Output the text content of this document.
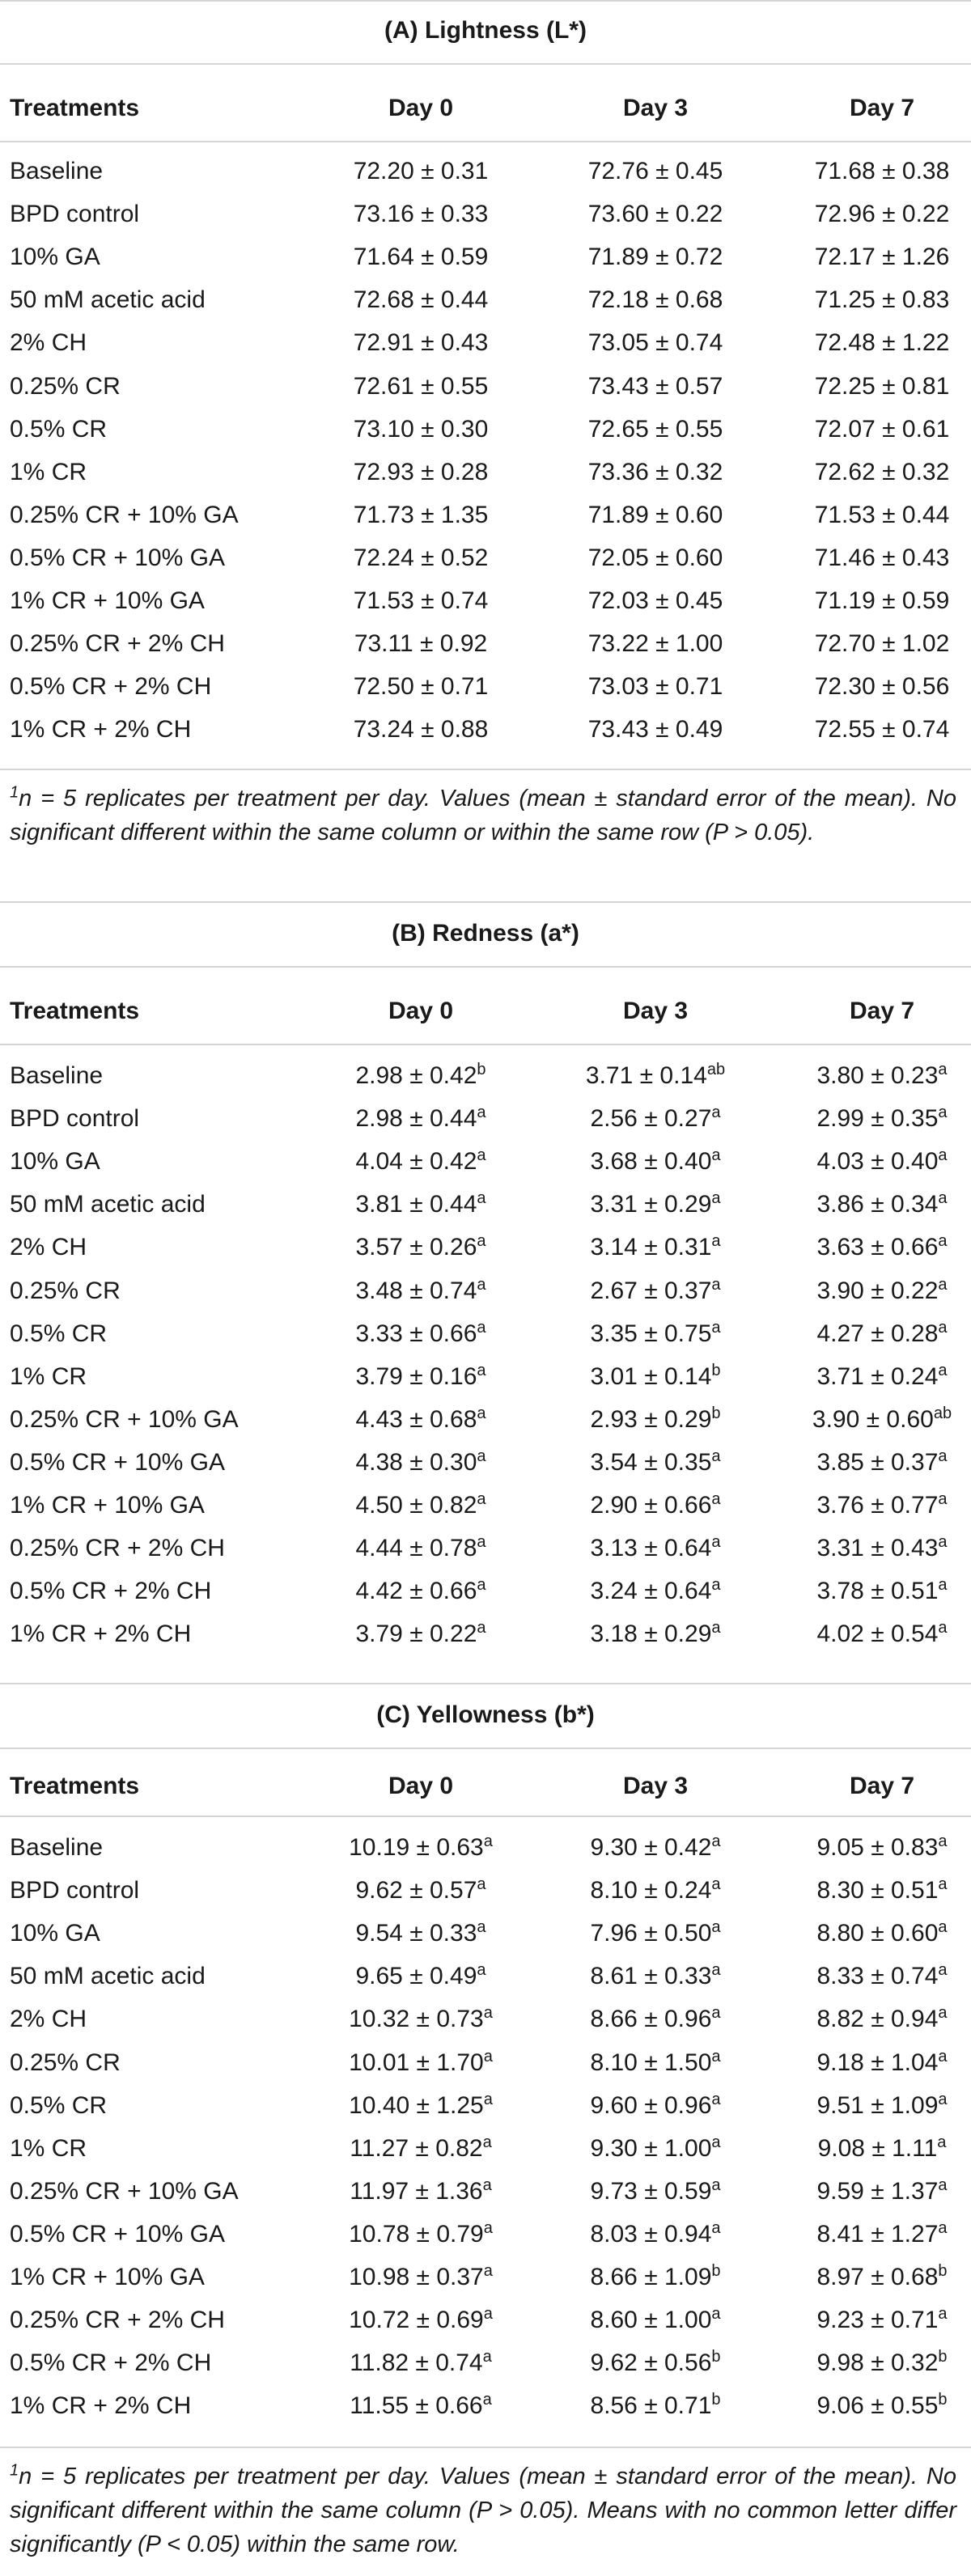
(A) Lightness (L*)
Treatments	Day 0	Day 3	Day 7
Baseline	72.20 ± 0.31	72.76 ± 0.45	71.68 ± 0.38
BPD control	73.16 ± 0.33	73.60 ± 0.22	72.96 ± 0.22
10% GA	71.64 ± 0.59	71.89 ± 0.72	72.17 ± 1.26
50 mM acetic acid	72.68 ± 0.44	72.18 ± 0.68	71.25 ± 0.83
2% CH	72.91 ± 0.43	73.05 ± 0.74	72.48 ± 1.22
0.25% CR	72.61 ± 0.55	73.43 ± 0.57	72.25 ± 0.81
0.5% CR	73.10 ± 0.30	72.65 ± 0.55	72.07 ± 0.61
1% CR	72.93 ± 0.28	73.36 ± 0.32	72.62 ± 0.32
0.25% CR + 10% GA	71.73 ± 1.35	71.89 ± 0.60	71.53 ± 0.44
0.5% CR + 10% GA	72.24 ± 0.52	72.05 ± 0.60	71.46 ± 0.43
1% CR + 10% GA	71.53 ± 0.74	72.03 ± 0.45	71.19 ± 0.59
0.25% CR + 2% CH	73.11 ± 0.92	73.22 ± 1.00	72.70 ± 1.02
0.5% CR + 2% CH	72.50 ± 0.71	73.03 ± 0.71	72.30 ± 0.56
1% CR + 2% CH	73.24 ± 0.88	73.43 ± 0.49	72.55 ± 0.74
$^1$n = 5 replicates per treatment per day. Values (mean ± standard error of the mean). No significant different within the same column or within the same row (P > 0.05).
(B) Redness (a*)
Treatments	Day 0	Day 3	Day 7
Baseline	2.98 ± 0.42$^b$	3.71 ± 0.14$^{ab}$	3.80 ± 0.23$^a$
BPD control	2.98 ± 0.44$^a$	2.56 ± 0.27$^a$	2.99 ± 0.35$^a$
10% GA	4.04 ± 0.42$^a$	3.68 ± 0.40$^a$	4.03 ± 0.40$^a$
50 mM acetic acid	3.81 ± 0.44$^a$	3.31 ± 0.29$^a$	3.86 ± 0.34$^a$
2% CH	3.57 ± 0.26$^a$	3.14 ± 0.31$^a$	3.63 ± 0.66$^a$
0.25% CR	3.48 ± 0.74$^a$	2.67 ± 0.37$^a$	3.90 ± 0.22$^a$
0.5% CR	3.33 ± 0.66$^a$	3.35 ± 0.75$^a$	4.27 ± 0.28$^a$
1% CR	3.79 ± 0.16$^a$	3.01 ± 0.14$^b$	3.71 ± 0.24$^a$
0.25% CR + 10% GA	4.43 ± 0.68$^a$	2.93 ± 0.29$^b$	3.90 ± 0.60$^{ab}$
0.5% CR + 10% GA	4.38 ± 0.30$^a$	3.54 ± 0.35$^a$	3.85 ± 0.37$^a$
1% CR + 10% GA	4.50 ± 0.82$^a$	2.90 ± 0.66$^a$	3.76 ± 0.77$^a$
0.25% CR + 2% CH	4.44 ± 0.78$^a$	3.13 ± 0.64$^a$	3.31 ± 0.43$^a$
0.5% CR + 2% CH	4.42 ± 0.66$^a$	3.24 ± 0.64$^a$	3.78 ± 0.51$^a$
1% CR + 2% CH	3.79 ± 0.22$^a$	3.18 ± 0.29$^a$	4.02 ± 0.54$^a$
(C) Yellowness (b*)
Treatments	Day 0	Day 3	Day 7
Baseline	10.19 ± 0.63$^a$	9.30 ± 0.42$^a$	9.05 ± 0.83$^a$
BPD control	9.62 ± 0.57$^a$	8.10 ± 0.24$^a$	8.30 ± 0.51$^a$
10% GA	9.54 ± 0.33$^a$	7.96 ± 0.50$^a$	8.80 ± 0.60$^a$
50 mM acetic acid	9.65 ± 0.49$^a$	8.61 ± 0.33$^a$	8.33 ± 0.74$^a$
2% CH	10.32 ± 0.73$^a$	8.66 ± 0.96$^a$	8.82 ± 0.94$^a$
0.25% CR	10.01 ± 1.70$^a$	8.10 ± 1.50$^a$	9.18 ± 1.04$^a$
0.5% CR	10.40 ± 1.25$^a$	9.60 ± 0.96$^a$	9.51 ± 1.09$^a$
1% CR	11.27 ± 0.82$^a$	9.30 ± 1.00$^a$	9.08 ± 1.11$^a$
0.25% CR + 10% GA	11.97 ± 1.36$^a$	9.73 ± 0.59$^a$	9.59 ± 1.37$^a$
0.5% CR + 10% GA	10.78 ± 0.79$^a$	8.03 ± 0.94$^a$	8.41 ± 1.27$^a$
1% CR + 10% GA	10.98 ± 0.37$^a$	8.66 ± 1.09$^b$	8.97 ± 0.68$^b$
0.25% CR + 2% CH	10.72 ± 0.69$^a$	8.60 ± 1.00$^a$	9.23 ± 0.71$^a$
0.5% CR + 2% CH	11.82 ± 0.74$^a$	9.62 ± 0.56$^b$	9.98 ± 0.32$^b$
1% CR + 2% CH	11.55 ± 0.66$^a$	8.56 ± 0.71$^b$	9.06 ± 0.55$^b$
$^1$n = 5 replicates per treatment per day. Values (mean ± standard error of the mean). No significant different within the same column (P > 0.05). Means with no common letter differ significantly (P < 0.05) within the same row.
